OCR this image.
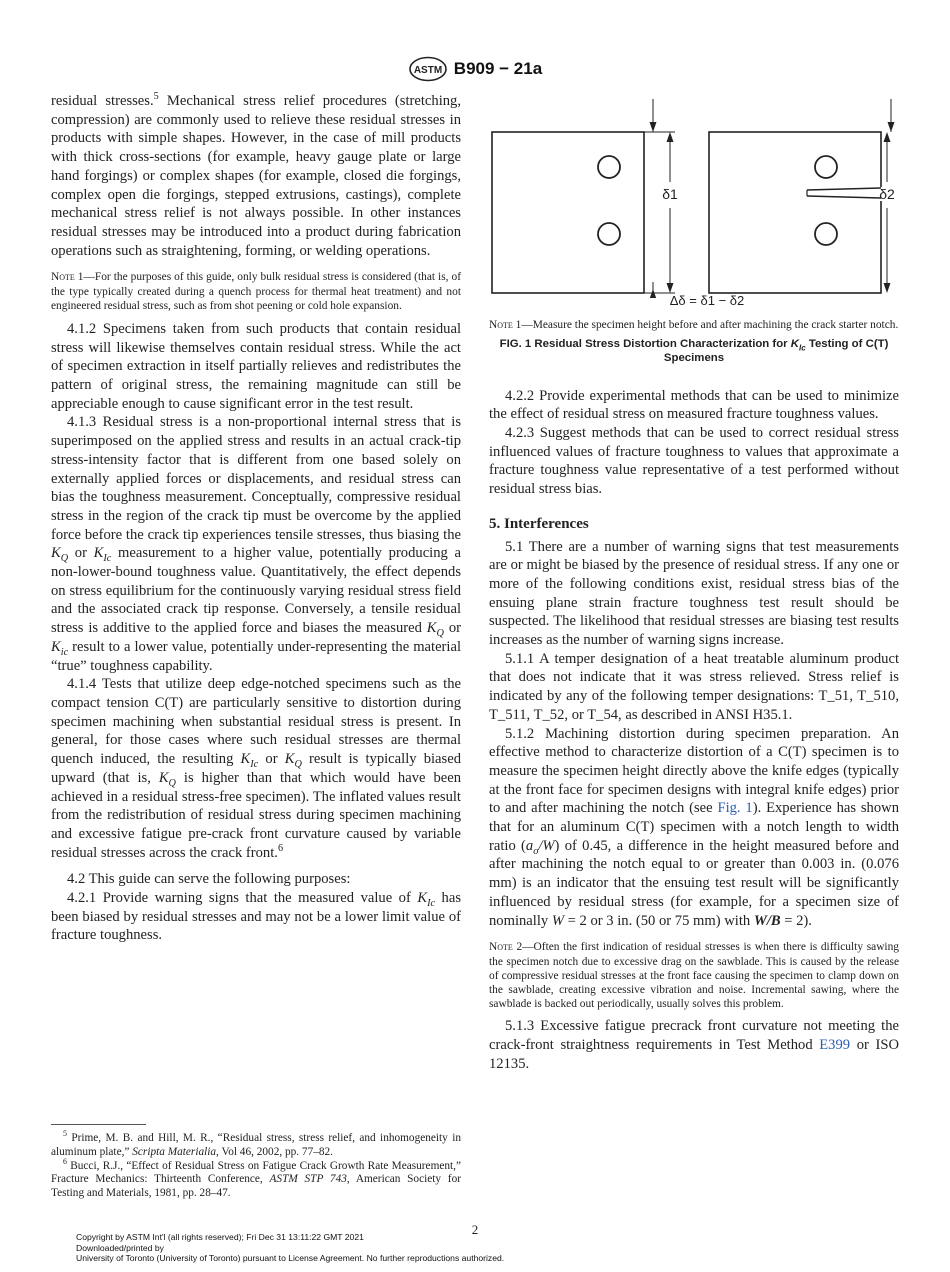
ASTM B909 − 21a

residual stresses.$^5$ Mechanical stress relief procedures (stretching, compression) are commonly used to relieve these residual stresses in products with simple shapes. However, in the case of mill products with thick cross-sections (for example, heavy gauge plate or large hand forgings) or complex shapes (for example, closed die forgings, complex open die forgings, stepped extrusions, castings), complete mechanical stress relief is not always possible. In other instances residual stresses may be introduced into a product during fabrication operations such as straightening, forming, or welding operations.

Note 1—For the purposes of this guide, only bulk residual stress is considered (that is, of the type typically created during a quench process for thermal heat treatment) and not engineered residual stress, such as from shot peening or cold hole expansion.

4.1.2 Specimens taken from such products that contain residual stress will likewise themselves contain residual stress. While the act of specimen extraction in itself partially relieves and redistributes the pattern of original stress, the remaining magnitude can still be appreciable enough to cause significant error in the test result.

4.1.3 Residual stress is a non-proportional internal stress that is superimposed on the applied stress and results in an actual crack-tip stress-intensity factor that is different from one based solely on externally applied forces or displacements, and residual stress can bias the toughness measurement. Conceptually, compressive residual stress in the region of the crack tip must be overcome by the applied force before the crack tip experiences tensile stresses, thus biasing the $K_Q$ or $K_{Ic}$ measurement to a higher value, potentially producing a non-lower-bound toughness value. Quantitatively, the effect depends on stress equilibrium for the continuously varying residual stress field and the associated crack tip response. Conversely, a tensile residual stress is additive to the applied force and biases the measured $K_Q$ or $K_{ic}$ result to a lower value, potentially under-representing the material “true” toughness capability.

4.1.4 Tests that utilize deep edge-notched specimens such as the compact tension C(T) are particularly sensitive to distortion during specimen machining when substantial residual stress is present. In general, for those cases where such residual stresses are thermal quench induced, the resulting $K_{Ic}$ or $K_Q$ result is typically biased upward (that is, $K_Q$ is higher than that which would have been achieved in a residual stress-free specimen). The inflated values result from the redistribution of residual stress during specimen machining and excessive fatigue pre-crack front curvature caused by variable residual stresses across the crack front.$^6$

4.2 This guide can serve the following purposes:

4.2.1 Provide warning signs that the measured value of $K_{Ic}$ has been biased by residual stresses and may not be a lower limit value of fracture toughness.

$^5$ Prime, M. B. and Hill, M. R., “Residual stress, stress relief, and inhomogeneity in aluminum plate,” Scripta Materialia, Vol 46, 2002, pp. 77–82.

$^6$ Bucci, R.J., “Effect of Residual Stress on Fatigue Crack Growth Rate Measurement,” Fracture Mechanics: Thirteenth Conference, ASTM STP 743, American Society for Testing and Materials, 1981, pp. 28–47.

δ1	δ2
Δδ = δ1 − δ2

Note 1—Measure the specimen height before and after machining the crack starter notch.

FIG. 1 Residual Stress Distortion Characterization for $K_{Ic}$ Testing of C(T) Specimens

4.2.2 Provide experimental methods that can be used to minimize the effect of residual stress on measured fracture toughness values.

4.2.3 Suggest methods that can be used to correct residual stress influenced values of fracture toughness to values that approximate a fracture toughness value representative of a test performed without residual stress bias.

5. Interferences

5.1 There are a number of warning signs that test measurements are or might be biased by the presence of residual stress. If any one or more of the following conditions exist, residual stress bias of the ensuing plane strain fracture toughness test result should be suspected. The likelihood that residual stresses are biasing test results increases as the number of warning signs increase.

5.1.1 A temper designation of a heat treatable aluminum product that does not indicate that it was stress relieved. Stress relief is indicated by any of the following temper designations: T_51, T_510, T_511, T_52, or T_54, as described in ANSI H35.1.

5.1.2 Machining distortion during specimen preparation. An effective method to characterize distortion of a C(T) specimen is to measure the specimen height directly above the knife edges (typically at the front face for specimen designs with integral knife edges) prior to and after machining the notch (see Fig. 1). Experience has shown that for an aluminum C(T) specimen with a notch length to width ratio $(a_o/W)$ of 0.45, a difference in the height measured before and after machining the notch equal to or greater than 0.003 in. (0.076 mm) is an indicator that the ensuing test result will be significantly influenced by residual stress (for example, for a specimen size of nominally W = 2 or 3 in. (50 or 75 mm) with W/B = 2).

Note 2—Often the first indication of residual stresses is when there is difficulty sawing the specimen notch due to excessive drag on the sawblade. This is caused by the release of compressive residual stresses at the front face causing the specimen to clamp down on the sawblade, creating excessive vibration and noise. Incremental sawing, where the sawblade is backed out periodically, usually solves this problem.

5.1.3 Excessive fatigue precrack front curvature not meeting the crack-front straightness requirements in Test Method E399 or ISO 12135.

2
Copyright by ASTM Int'l (all rights reserved); Fri Dec 31 13:11:22 GMT 2021
Downloaded/printed by
University of Toronto (University of Toronto) pursuant to License Agreement. No further reproductions authorized.
